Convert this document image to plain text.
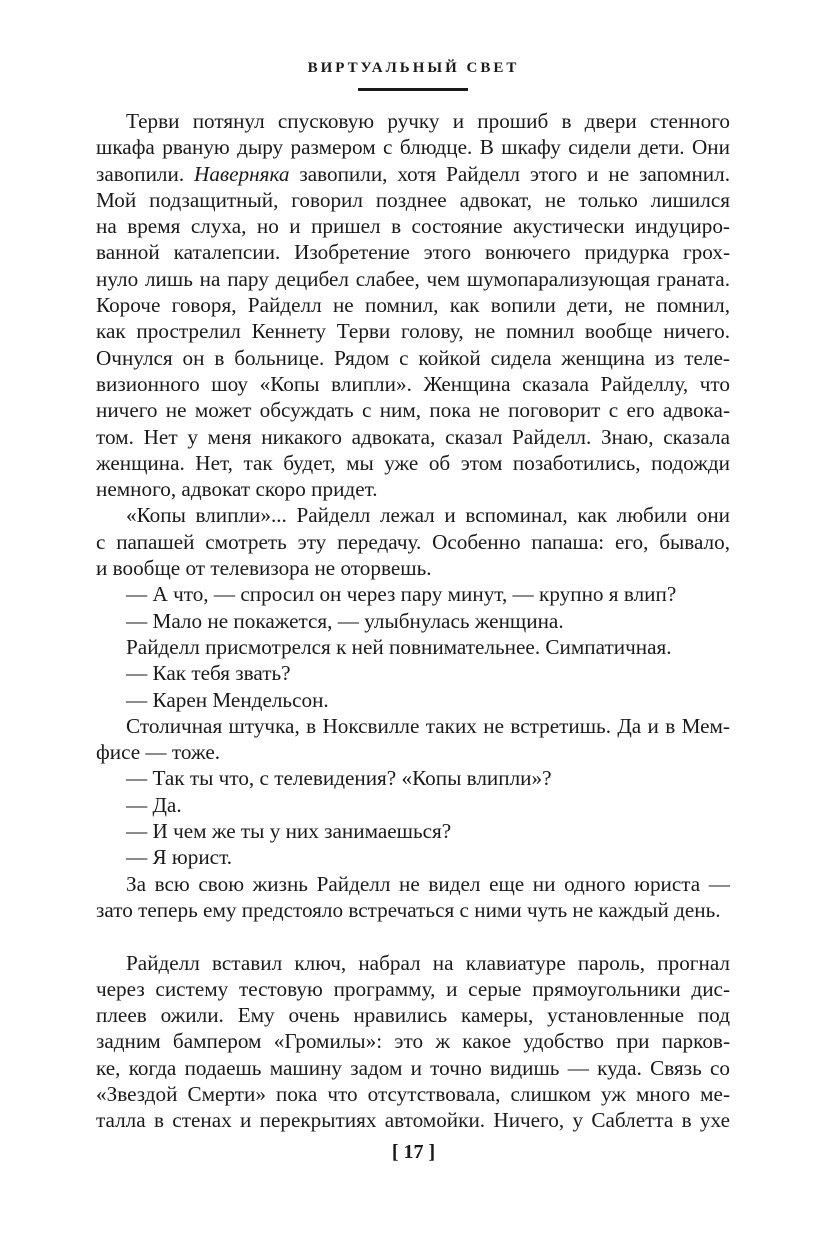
ВИРТУАЛЬНЫЙ СВЕТ
Терви потянул спусковую ручку и прошиб в двери стенного
шкафа рваную дыру размером с блюдце. В шкафу сидели дети. Они
завопили. Наверняка завопили, хотя Райделл этого и не запомнил.
Мой подзащитный, говорил позднее адвокат, не только лишился
на время слуха, но и пришел в состояние акустически индуциро-
ванной каталепсии. Изобретение этого вонючего придурка грох-
нуло лишь на пару децибел слабее, чем шумопарализующая граната.
Короче говоря, Райделл не помнил, как вопили дети, не помнил,
как прострелил Кеннету Терви голову, не помнил вообще ничего.
Очнулся он в больнице. Рядом с койкой сидела женщина из теле-
визионного шоу «Копы влипли». Женщина сказала Райделлу, что
ничего не может обсуждать с ним, пока не поговорит с его адвока-
том. Нет у меня никакого адвоката, сказал Райделл. Знаю, сказала
женщина. Нет, так будет, мы уже об этом позаботились, подожди
немного, адвокат скоро придет.
«Копы влипли»... Райделл лежал и вспоминал, как любили они
с папашей смотреть эту передачу. Особенно папаша: его, бывало,
и вообще от телевизора не оторвешь.
— А что, — спросил он через пару минут, — крупно я влип?
— Мало не покажется, — улыбнулась женщина.
Райделл присмотрелся к ней повнимательнее. Симпатичная.
— Как тебя звать?
— Карен Мендельсон.
Столичная штучка, в Ноксвилле таких не встретишь. Да и в Мем-
фисе — тоже.
— Так ты что, с телевидения? «Копы влипли»?
— Да.
— И чем же ты у них занимаешься?
— Я юрист.
За всю свою жизнь Райделл не видел еще ни одного юриста —
зато теперь ему предстояло встречаться с ними чуть не каждый день.
Райделл вставил ключ, набрал на клавиатуре пароль, прогнал
через систему тестовую программу, и серые прямоугольники дис-
плеев ожили. Ему очень нравились камеры, установленные под
задним бампером «Громилы»: это ж какое удобство при парков-
ке, когда подаешь машину задом и точно видишь — куда. Связь со
«Звездой Смерти» пока что отсутствовала, слишком уж много ме-
талла в стенах и перекрытиях автомойки. Ничего, у Саблетта в ухе
[ 17 ]
